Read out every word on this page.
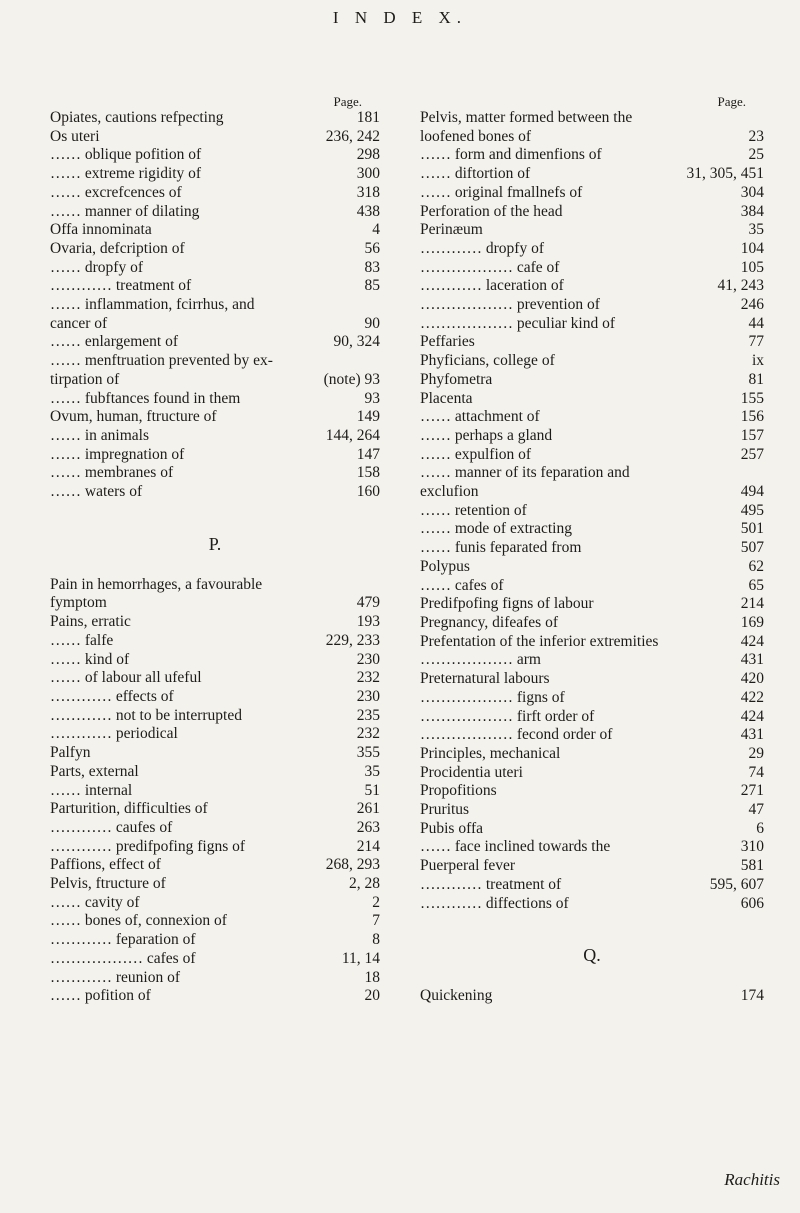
I N D E X.
Page.
Opiates, cautions refpecting	181
Os uteri	236, 242
…… oblique pofition of	298
…… extreme rigidity of	300
…… excrefcences of	318
…… manner of dilating	438
Offa innominata	4
Ovaria, defcription of	56
…… dropfy of	83
………… treatment of	85
…… inflammation, fcirrhus, and
cancer of	90
…… enlargement of	90, 324
…… menftruation prevented by ex-
tirpation of	(note) 93
…… fubftances found in them	93
Ovum, human, ftructure of	149
…… in animals	144, 264
…… impregnation of	147
…… membranes of	158
…… waters of	160
P.
Pain in hemorrhages, a favourable
fymptom	479
Pains, erratic	193
…… falfe	229, 233
…… kind of	230
…… of labour all ufeful	232
………… effects of	230
………… not to be interrupted	235
………… periodical	232
Palfyn	355
Parts, external	35
…… internal	51
Parturition, difficulties of	261
………… caufes of	263
………… predifpofing figns of	214
Paffions, effect of	268, 293
Pelvis, ftructure of	2, 28
…… cavity of	2
…… bones of, connexion of	7
………… feparation of	8
……………… cafes of	11, 14
………… reunion of	18
…… pofition of	20
Page.
Pelvis, matter formed between the
loofened bones of	23
…… form and dimenfions of	25
…… diftortion of	31, 305, 451
…… original fmallnefs of	304
Perforation of the head	384
Perinæum	35
………… dropfy of	104
……………… cafe of	105
………… laceration of	41, 243
……………… prevention of	246
……………… peculiar kind of	44
Peffaries	77
Phyficians, college of	ix
Phyfometra	81
Placenta	155
…… attachment of	156
…… perhaps a gland	157
…… expulfion of	257
…… manner of its feparation and
exclufion	494
…… retention of	495
…… mode of extracting	501
…… funis feparated from	507
Polypus	62
…… cafes of	65
Predifpofing figns of labour	214
Pregnancy, difeafes of	169
Prefentation of the inferior extremities	424
……………… arm	431
Preternatural labours	420
……………… figns of	422
……………… firft order of	424
……………… fecond order of	431
Principles, mechanical	29
Procidentia uteri	74
Propofitions	271
Pruritus	47
Pubis offa	6
…… face inclined towards the	310
Puerperal fever	581
………… treatment of	595, 607
………… diffections of	606
Q.
Quickening	174
Rachitis
